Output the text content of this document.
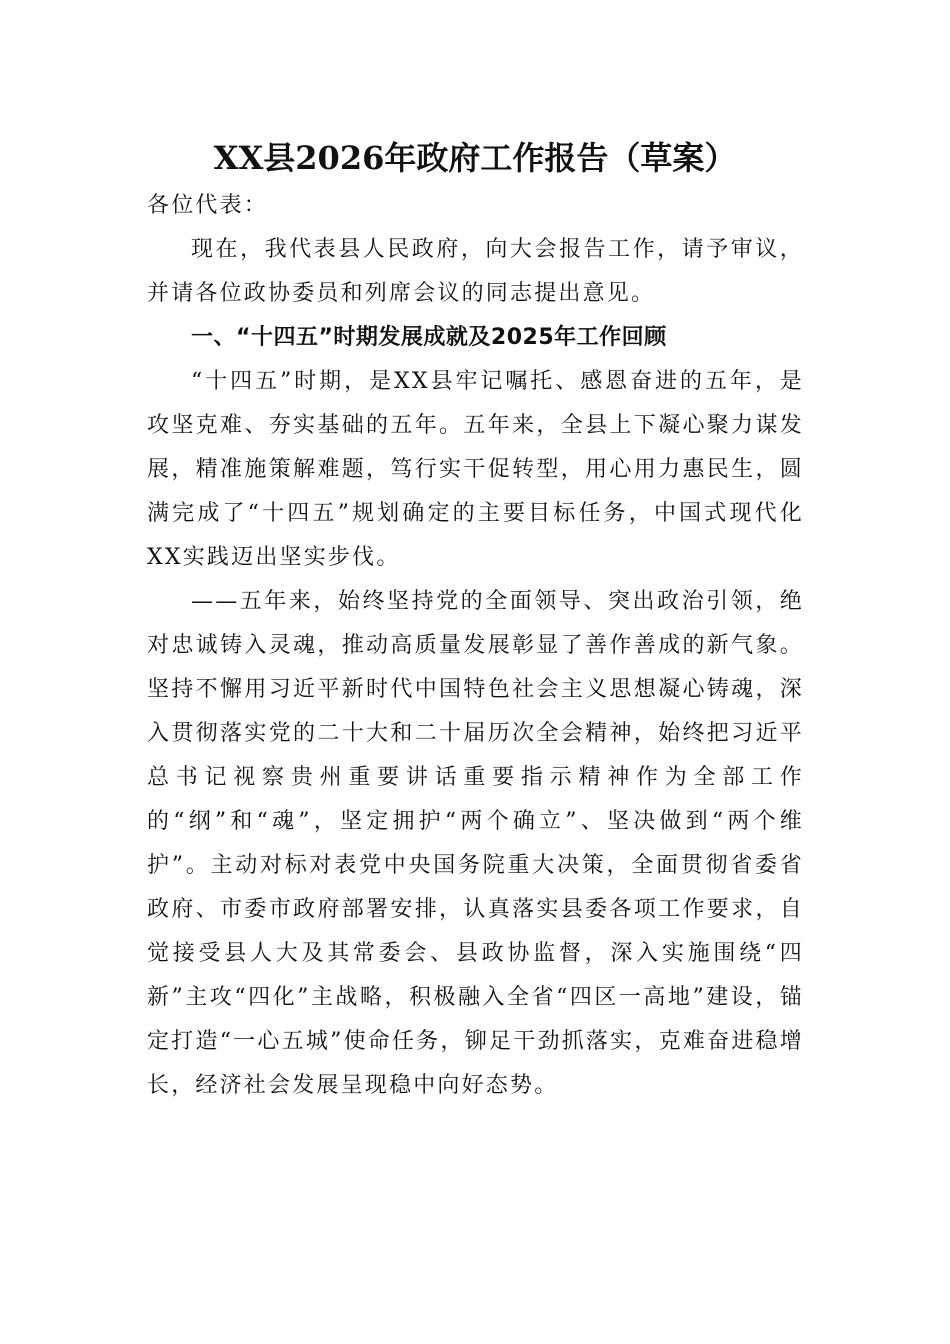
XX县2026年政府工作报告（草案）

各位代表：

现在，我代表县人民政府，向大会报告工作，请予审议，并请各位政协委员和列席会议的同志提出意见。

一、“十四五”时期发展成就及2025年工作回顾

“十四五”时期，是XX县牢记嘱托、感恩奋进的五年，是攻坚克难、夯实基础的五年。五年来，全县上下凝心聚力谋发展，精准施策解难题，笃行实干促转型，用心用力惠民生，圆满完成了“十四五”规划确定的主要目标任务，中国式现代化XX实践迈出坚实步伐。

——五年来，始终坚持党的全面领导、突出政治引领，绝对忠诚铸入灵魂，推动高质量发展彰显了善作善成的新气象。坚持不懈用习近平新时代中国特色社会主义思想凝心铸魂，深入贯彻落实党的二十大和二十届历次全会精神，始终把习近平总书记视察贵州重要讲话重要指示精神作为全部工作的“纲”和“魂”，坚定拥护“两个确立”、坚决做到“两个维护”。主动对标对表党中央国务院重大决策，全面贯彻省委省政府、市委市政府部署安排，认真落实县委各项工作要求，自觉接受县人大及其常委会、县政协监督，深入实施围绕“四新”主攻“四化”主战略，积极融入全省“四区一高地”建设，锚定打造“一心五城”使命任务，铆足干劲抓落实，克难奋进稳增长，经济社会发展呈现稳中向好态势。
